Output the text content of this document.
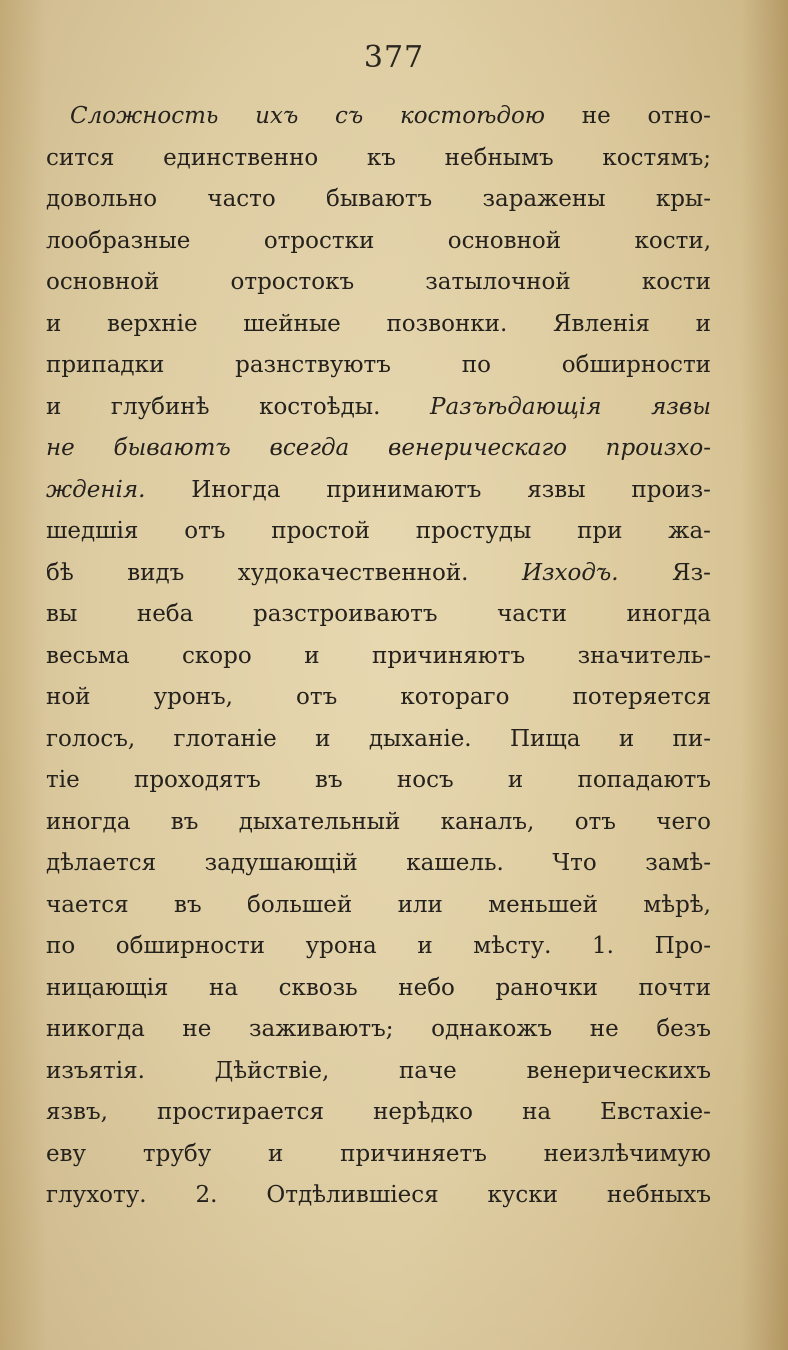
377
Сложность ихъ съ костоѣдою не отно-
сится единственно къ небнымъ костямъ;
довольно часто бываютъ заражены кры-
лообразные	отростки	основной	кости,
основной	отростокъ	затылочной	кости
и верхніе шейные позвонки. Явленія и
припадки	разнствуютъ	по	обширности
и глубинѣ костоѣды. Разъѣдающія язвы
не бываютъ всегда венерическаго произхо-
жденія. Иногда принимаютъ язвы произ-
шедшія отъ простой простуды при жа-
бѣ видъ худокачественной. Изходъ. Яз-
вы	неба	разстроиваютъ	части	иногда
весьма скоро и причиняютъ значитель-
ной	уронъ,	отъ	котораго	потеряется
голосъ, глотаніе и дыханіе. Пища и пи-
тіе проходятъ въ носъ и попадаютъ
иногда въ дыхательный каналъ, отъ чего
дѣлается задушающій кашель. Что замѣ-
чается въ большей или меньшей мѣрѣ,
по обширности урона и мѣсту. 1. Про-
ницающія на сквозь небо раночки почти
никогда не заживаютъ; однакожъ не безъ
изъятія.	Дѣйствіе,	паче	венерическихъ
язвъ, простирается нерѣдко на Евстахіе-
еву трубу и причиняетъ неизлѣчимую
глухоту. 2. Отдѣлившіеся куски небныхъ
